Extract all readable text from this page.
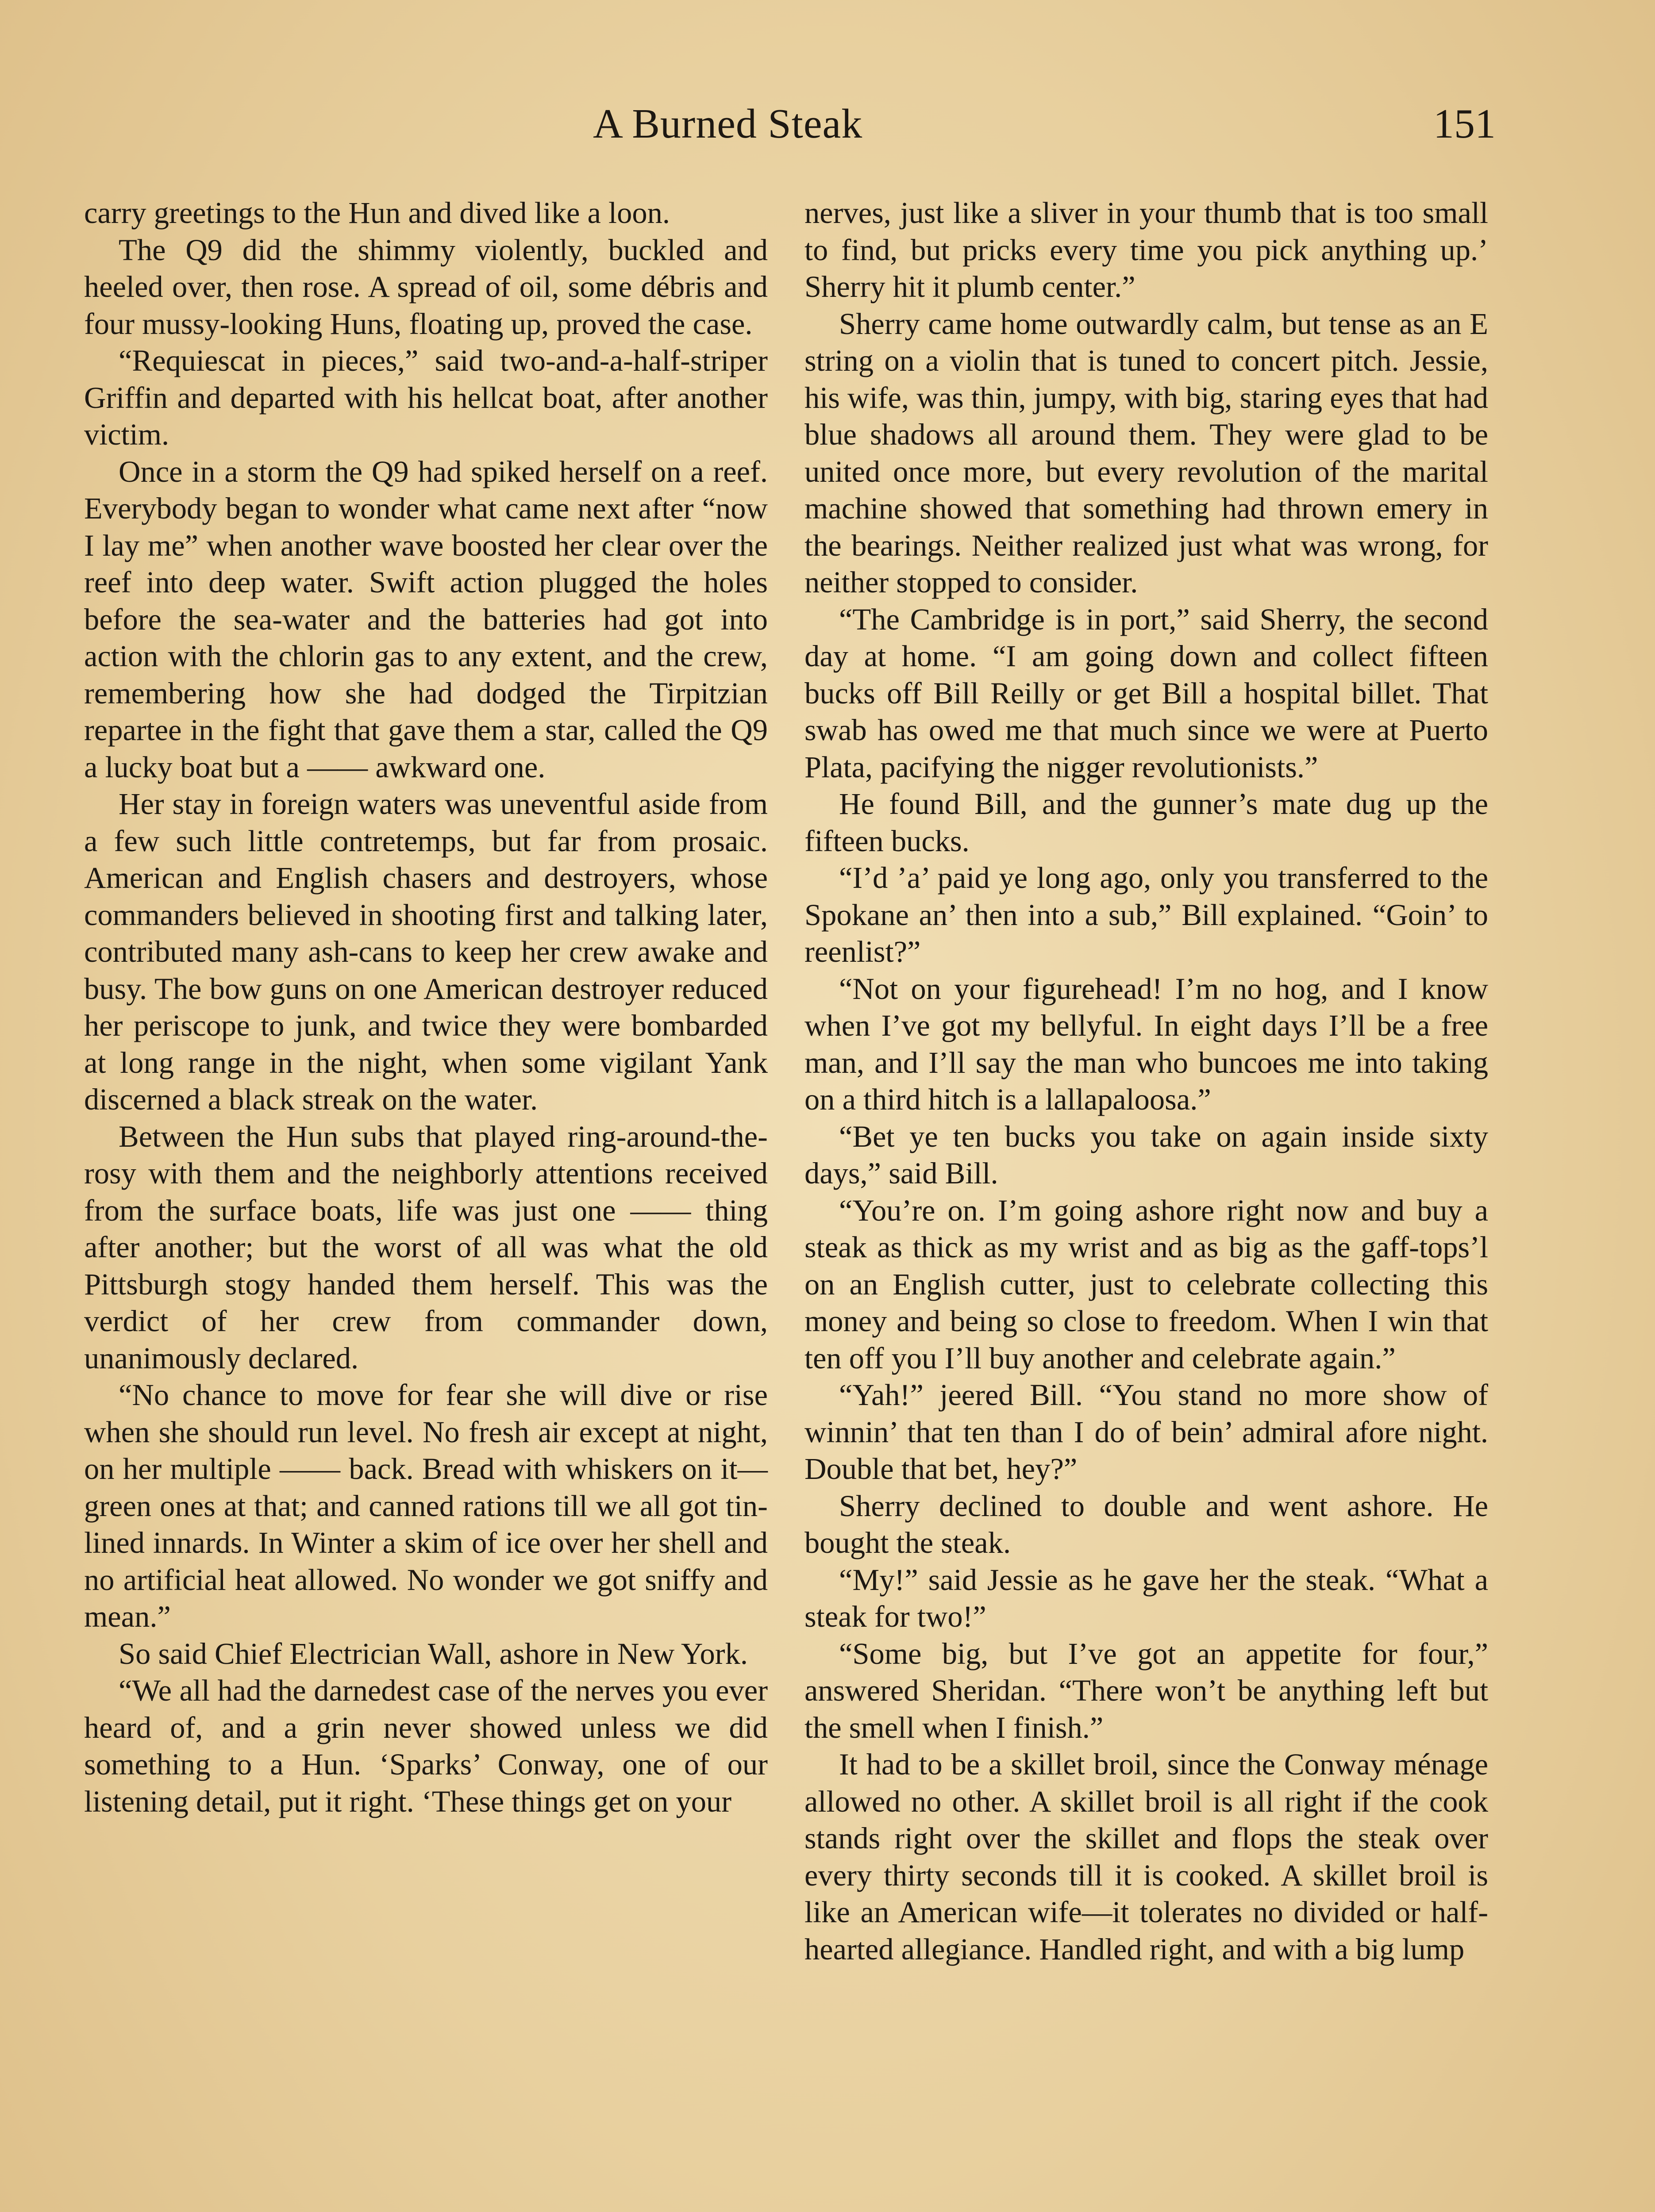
A Burned Steak	151

carry greetings to the Hun and dived like a loon.

The Q9 did the shimmy violently, buckled and heeled over, then rose. A spread of oil, some débris and four mussy-looking Huns, floating up, proved the case.

“Requiescat in pieces,” said two-and-a-half-striper Griffin and departed with his hellcat boat, after another victim.

Once in a storm the Q9 had spiked herself on a reef. Everybody began to wonder what came next after “now I lay me” when another wave boosted her clear over the reef into deep water. Swift action plugged the holes before the sea-water and the batteries had got into action with the chlorin gas to any extent, and the crew, remembering how she had dodged the Tirpitzian repartee in the fight that gave them a star, called the Q9 a lucky boat but a —— awkward one.

Her stay in foreign waters was uneventful aside from a few such little contretemps, but far from prosaic. American and English chasers and destroyers, whose commanders believed in shooting first and talking later, contributed many ash-cans to keep her crew awake and busy. The bow guns on one American destroyer reduced her periscope to junk, and twice they were bombarded at long range in the night, when some vigilant Yank discerned a black streak on the water.

Between the Hun subs that played ring-around-the-rosy with them and the neighborly attentions received from the surface boats, life was just one —— thing after another; but the worst of all was what the old Pittsburgh stogy handed them herself. This was the verdict of her crew from commander down, unanimously declared.

“No chance to move for fear she will dive or rise when she should run level. No fresh air except at night, on her multiple —— back. Bread with whiskers on it—green ones at that; and canned rations till we all got tin-lined innards. In Winter a skim of ice over her shell and no artificial heat allowed. No wonder we got sniffy and mean.”

So said Chief Electrician Wall, ashore in New York.

“We all had the darnedest case of the nerves you ever heard of, and a grin never showed unless we did something to a Hun. ‘Sparks’ Conway, one of our listening detail, put it right. ‘These things get on your

nerves, just like a sliver in your thumb that is too small to find, but pricks every time you pick anything up.’ Sherry hit it plumb center.”

Sherry came home outwardly calm, but tense as an E string on a violin that is tuned to concert pitch. Jessie, his wife, was thin, jumpy, with big, staring eyes that had blue shadows all around them. They were glad to be united once more, but every revolution of the marital machine showed that something had thrown emery in the bearings. Neither realized just what was wrong, for neither stopped to consider.

“The Cambridge is in port,” said Sherry, the second day at home. “I am going down and collect fifteen bucks off Bill Reilly or get Bill a hospital billet. That swab has owed me that much since we were at Puerto Plata, pacifying the nigger revolutionists.”

He found Bill, and the gunner’s mate dug up the fifteen bucks.

“I’d ’a’ paid ye long ago, only you transferred to the Spokane an’ then into a sub,” Bill explained. “Goin’ to reenlist?”

“Not on your figurehead! I’m no hog, and I know when I’ve got my bellyful. In eight days I’ll be a free man, and I’ll say the man who buncoes me into taking on a third hitch is a lallapaloosa.”

“Bet ye ten bucks you take on again inside sixty days,” said Bill.

“You’re on. I’m going ashore right now and buy a steak as thick as my wrist and as big as the gaff-tops’l on an English cutter, just to celebrate collecting this money and being so close to freedom. When I win that ten off you I’ll buy another and celebrate again.”

“Yah!” jeered Bill. “You stand no more show of winnin’ that ten than I do of bein’ admiral afore night. Double that bet, hey?”

Sherry declined to double and went ashore. He bought the steak.

“My!” said Jessie as he gave her the steak. “What a steak for two!”

“Some big, but I’ve got an appetite for four,” answered Sheridan. “There won’t be anything left but the smell when I finish.”

It had to be a skillet broil, since the Conway ménage allowed no other. A skillet broil is all right if the cook stands right over the skillet and flops the steak over every thirty seconds till it is cooked. A skillet broil is like an American wife—it tolerates no divided or half-hearted allegiance. Handled right, and with a big lump
